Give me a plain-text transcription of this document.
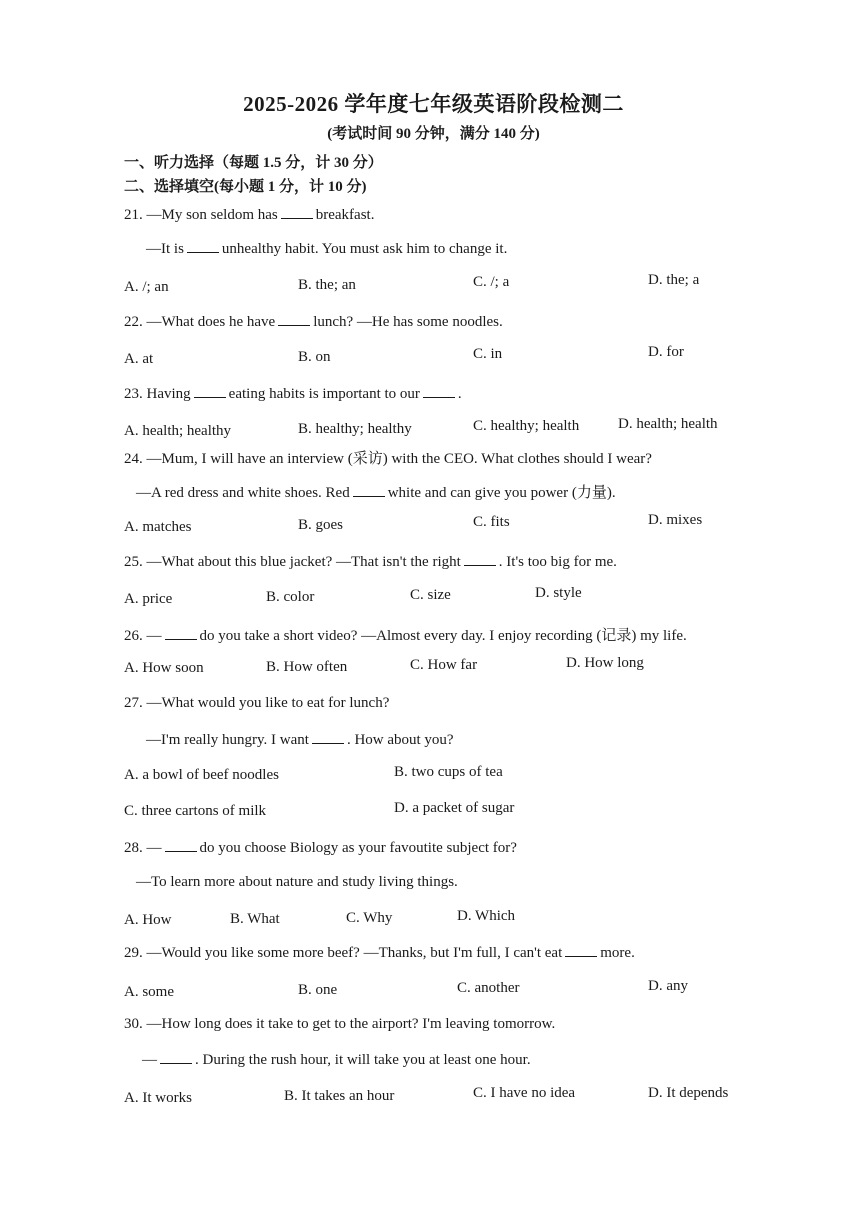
2025-2026 学年度七年级英语阶段检测二
(考试时间 90 分钟，满分 140 分)
一、听力选择（每题 1.5 分，计 30 分）
二、选择填空(每小题 1 分，计 10 分)
21. —My son seldom has	breakfast.
—It is	unhealthy habit. You must ask him to change it.
A. /; an	B. the; an	C. /; a	D. the; a
22. —What does he have	lunch? —He has some noodles.
A. at	B. on	C. in	D. for
23. Having	eating habits is important to our	.
A. health; healthy	B. healthy; healthy	C. healthy; health	D. health; health
24. —Mum, I will have an interview (采访) with the CEO. What clothes should I wear?
—A red dress and white shoes. Red	white and can give you power (力量).
A. matches	B. goes	C. fits	D. mixes
25. —What about this blue jacket? —That isn't the right	. It's too big for me.
A. price	B. color	C. size	D. style
26. —	do you take a short video? —Almost every day. I enjoy recording (记录) my life.
A. How soon	B. How often	C. How far	D. How long
27. —What would you like to eat for lunch?
—I'm really hungry. I want	. How about you?
A. a bowl of beef noodles	B. two cups of tea
C. three cartons of milk	D. a packet of sugar
28. —	do you choose Biology as your favoutite subject for?
—To learn more about nature and study living things.
A. How	B. What	C. Why	D. Which
29. —Would you like some more beef? —Thanks, but I'm full, I can't eat	more.
A. some	B. one	C. another	D. any
30. —How long does it take to get to the airport? I'm leaving tomorrow.
—	. During the rush hour, it will take you at least one hour.
A. It works	B. It takes an hour	C. I have no idea	D. It depends
